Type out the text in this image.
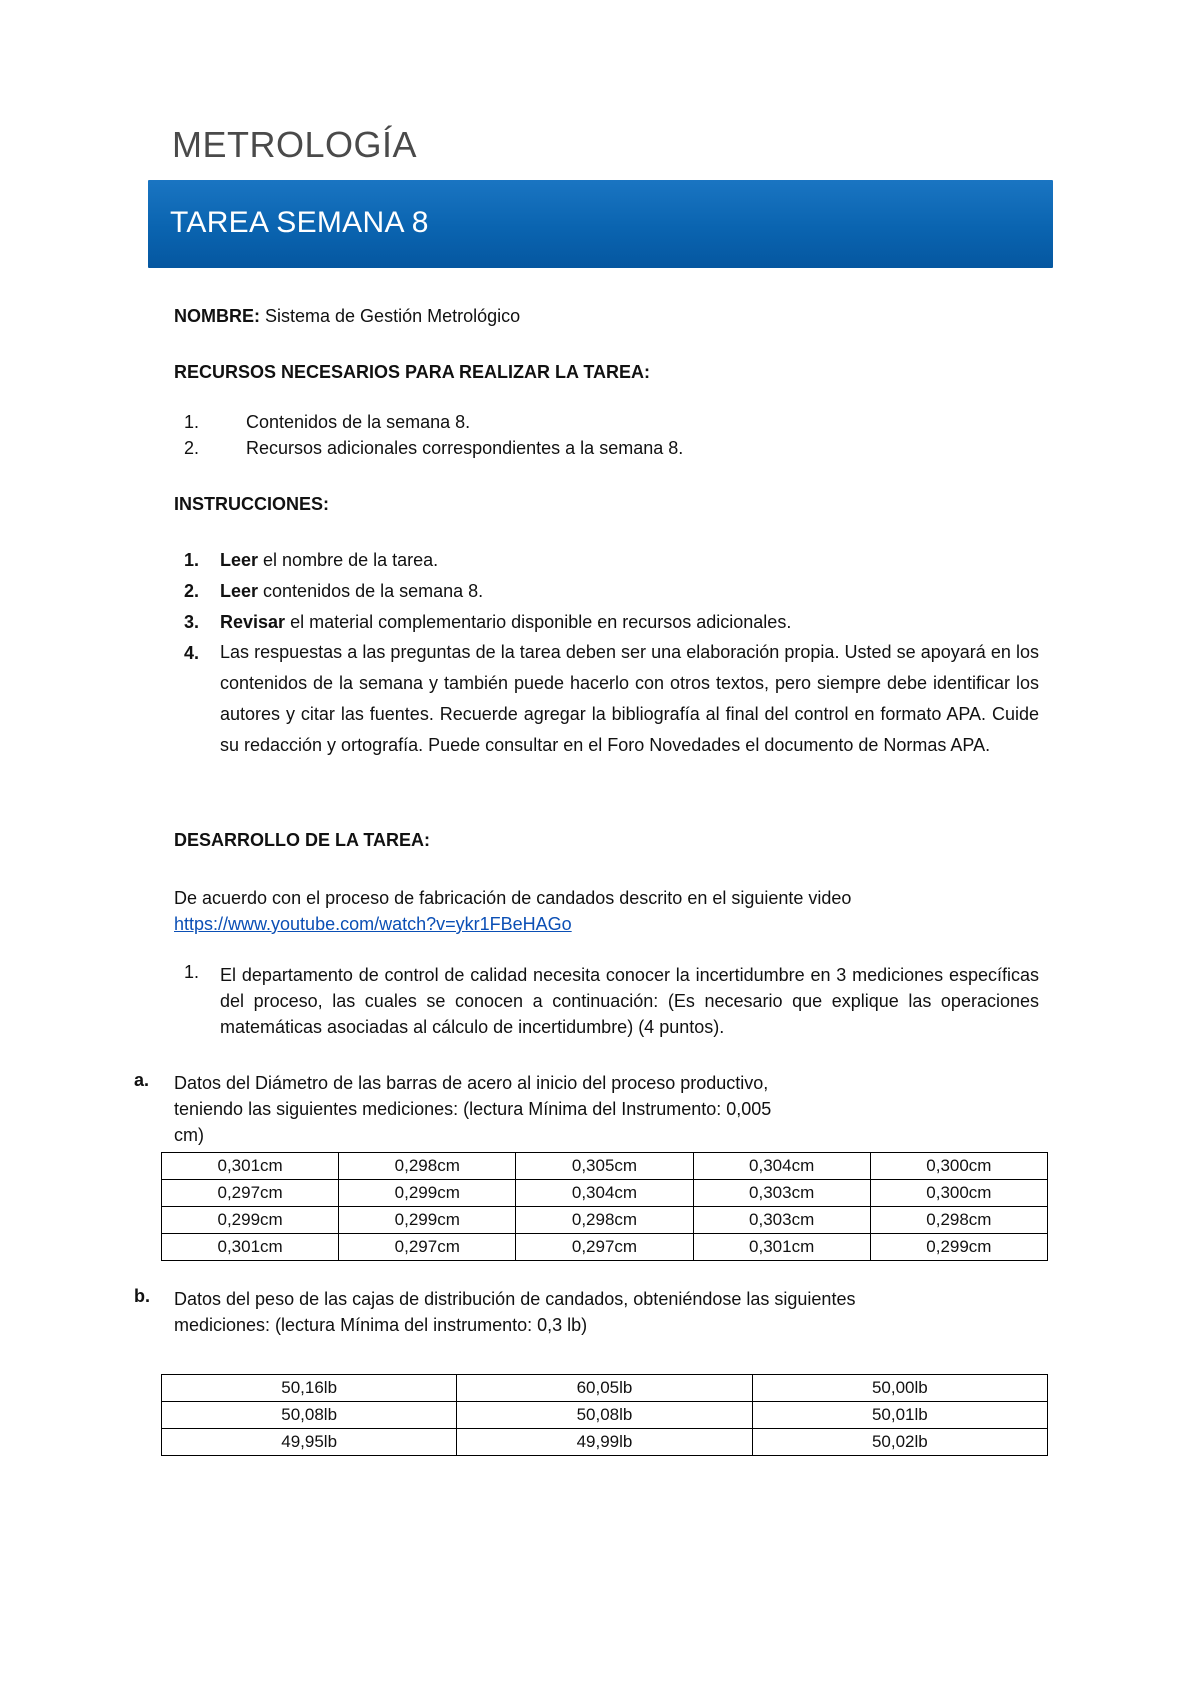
METROLOGÍA
TAREA SEMANA 8
NOMBRE: Sistema de Gestión Metrológico
RECURSOS NECESARIOS PARA REALIZAR LA TAREA:
1.	Contenidos de la semana 8.
2.	Recursos adicionales correspondientes a la semana 8.
INSTRUCCIONES:
1. Leer el nombre de la tarea.
2. Leer contenidos de la semana 8.
3. Revisar el material complementario disponible en recursos adicionales.
4. Las respuestas a las preguntas de la tarea deben ser una elaboración propia. Usted se apoyará en los contenidos de la semana y también puede hacerlo con otros textos, pero siempre debe identificar los autores y citar las fuentes. Recuerde agregar la bibliografía al final del control en formato APA. Cuide su redacción y ortografía. Puede consultar en el Foro Novedades el documento de Normas APA.
DESARROLLO DE LA TAREA:
De acuerdo con el proceso de fabricación de candados descrito en el siguiente video
https://www.youtube.com/watch?v=ykr1FBeHAGo
1. El departamento de control de calidad necesita conocer la incertidumbre en 3 mediciones específicas del proceso, las cuales se conocen a continuación: (Es necesario que explique las operaciones matemáticas asociadas al cálculo de incertidumbre) (4 puntos).
a. Datos del Diámetro de las barras de acero al inicio del proceso productivo, teniendo las siguientes mediciones: (lectura Mínima del Instrumento: 0,005 cm)
0,301cm	0,298cm	0,305cm	0,304cm	0,300cm
0,297cm	0,299cm	0,304cm	0,303cm	0,300cm
0,299cm	0,299cm	0,298cm	0,303cm	0,298cm
0,301cm	0,297cm	0,297cm	0,301cm	0,299cm
b. Datos del peso de las cajas de distribución de candados, obteniéndose las siguientes mediciones: (lectura Mínima del instrumento: 0,3 lb)
50,16lb	60,05lb	50,00lb
50,08lb	50,08lb	50,01lb
49,95lb	49,99lb	50,02lb
